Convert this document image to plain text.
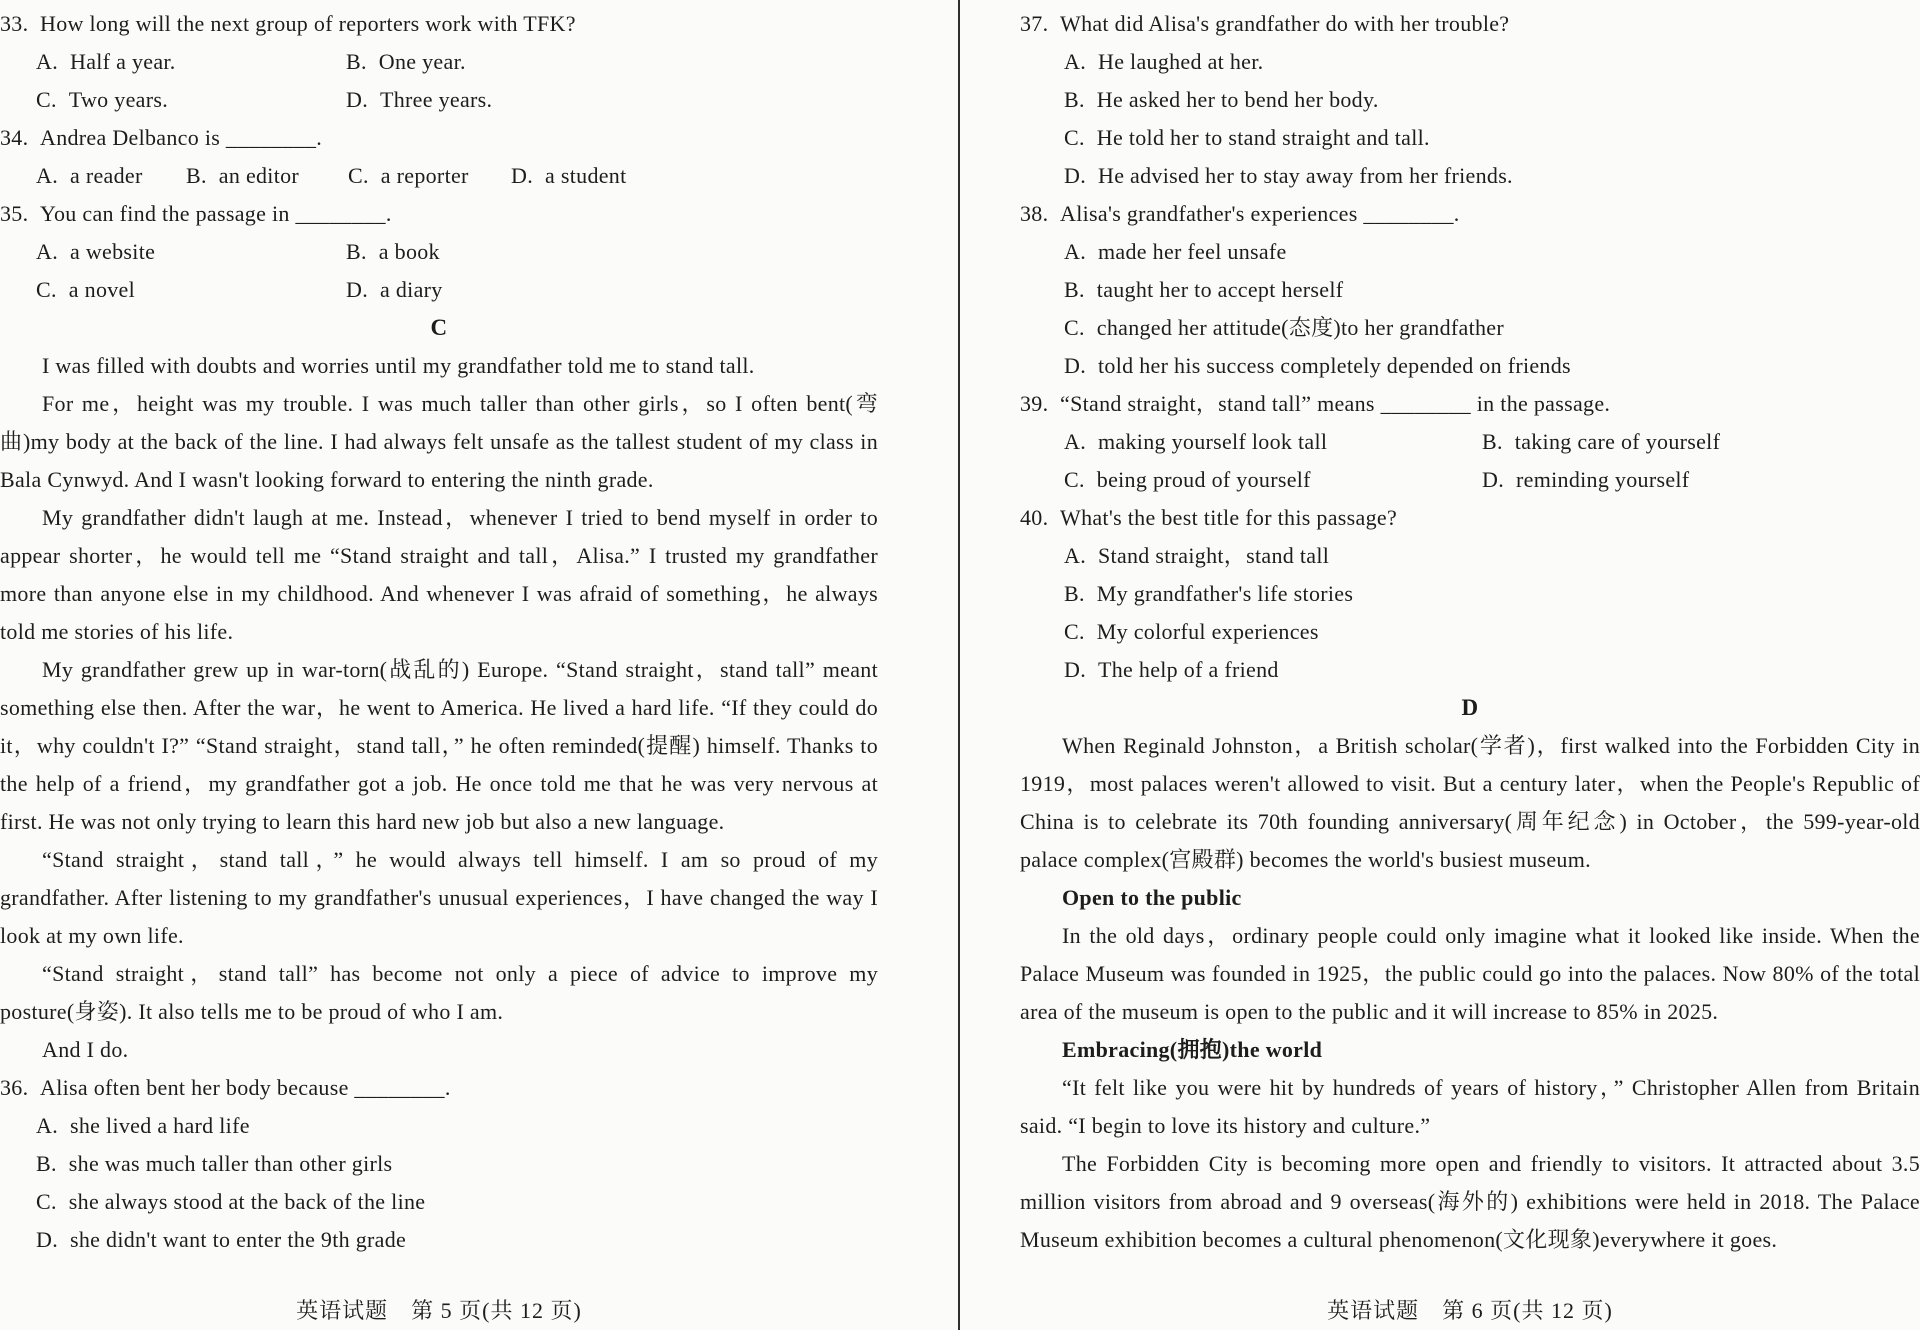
33. How long will the next group of reporters work with TFK?
A. Half a year.	B. One year.
C. Two years.	D. Three years.
34. Andrea Delbanco is ________.
A. a reader	B. an editor	C. a reporter	D. a student
35. You can find the passage in ________.
A. a website	B. a book
C. a novel	D. a diary
C

I was filled with doubts and worries until my grandfather told me to stand tall.

For me，height was my trouble. I was much taller than other girls，so I often bent(弯曲)my body at the back of the line. I had always felt unsafe as the tallest student of my class in Bala Cynwyd. And I wasn't looking forward to entering the ninth grade.

My grandfather didn't laugh at me. Instead，whenever I tried to bend myself in order to appear shorter，he would tell me “Stand straight and tall，Alisa.” I trusted my grandfather more than anyone else in my childhood. And whenever I was afraid of something，he always told me stories of his life.

My grandfather grew up in war-torn(战乱的) Europe. “Stand straight，stand tall” meant something else then. After the war，he went to America. He lived a hard life. “If they could do it，why couldn't I?” “Stand straight，stand tall，” he often reminded(提醒) himself. Thanks to the help of a friend，my grandfather got a job. He once told me that he was very nervous at first. He was not only trying to learn this hard new job but also a new language.

“Stand straight，stand tall，” he would always tell himself. I am so proud of my grandfather. After listening to my grandfather's unusual experiences，I have changed the way I look at my own life.

“Stand straight，stand tall” has become not only a piece of advice to improve my posture(身姿). It also tells me to be proud of who I am.

And I do.

36. Alisa often bent her body because ________.
A. she lived a hard life
B. she was much taller than other girls
C. she always stood at the back of the line
D. she didn't want to enter the 9th grade
37. What did Alisa's grandfather do with her trouble?
A. He laughed at her.
B. He asked her to bend her body.
C. He told her to stand straight and tall.
D. He advised her to stay away from her friends.
38. Alisa's grandfather's experiences ________.
A. made her feel unsafe
B. taught her to accept herself
C. changed her attitude(态度)to her grandfather
D. told her his success completely depended on friends
39. “Stand straight，stand tall” means ________ in the passage.
A. making yourself look tall	B. taking care of yourself
C. being proud of yourself	D. reminding yourself
40. What's the best title for this passage?
A. Stand straight，stand tall
B. My grandfather's life stories
C. My colorful experiences
D. The help of a friend
D

When Reginald Johnston，a British scholar(学者)，first walked into the Forbidden City in 1919，most palaces weren't allowed to visit. But a century later，when the People's Republic of China is to celebrate its 70th founding anniversary(周年纪念) in October，the 599-year-old palace complex(宫殿群) becomes the world's busiest museum.

Open to the public

In the old days，ordinary people could only imagine what it looked like inside. When the Palace Museum was founded in 1925，the public could go into the palaces. Now 80% of the total area of the museum is open to the public and it will increase to 85% in 2025.

Embracing(拥抱)the world

“It felt like you were hit by hundreds of years of history，” Christopher Allen from Britain said. “I begin to love its history and culture.”

The Forbidden City is becoming more open and friendly to visitors. It attracted about 3.5 million visitors from abroad and 9 overseas(海外的) exhibitions were held in 2018. The Palace Museum exhibition becomes a cultural phenomenon(文化现象)everywhere it goes.

英语试题　第 5 页(共 12 页)	英语试题　第 6 页(共 12 页)
